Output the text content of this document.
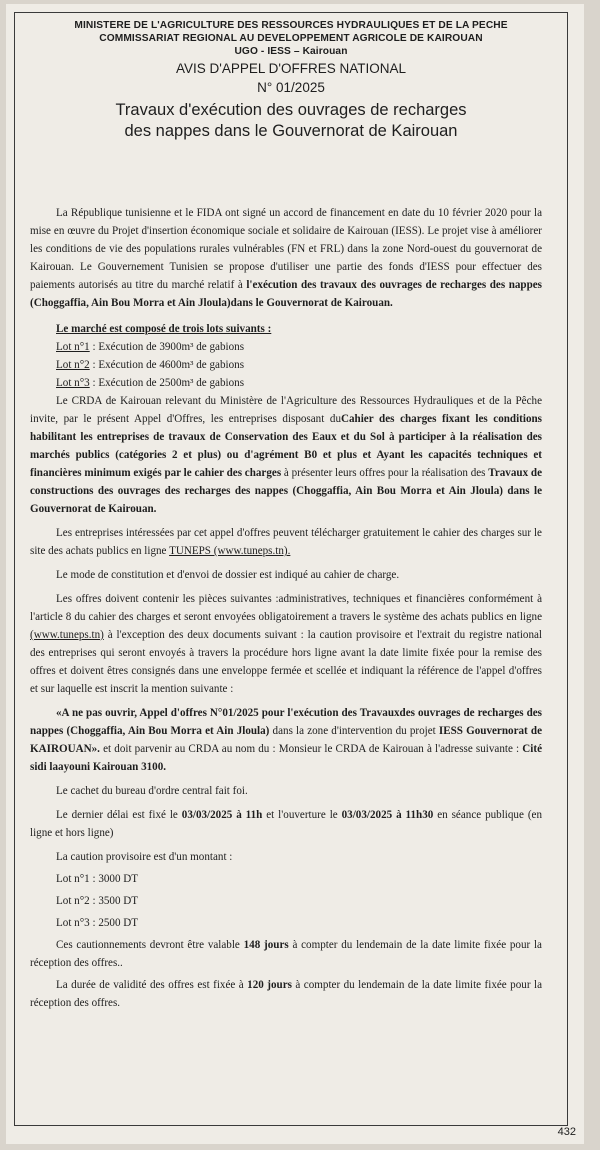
MINISTERE DE L'AGRICULTURE DES RESSOURCES HYDRAULIQUES ET DE LA PECHE
COMMISSARIAT REGIONAL AU DEVELOPPEMENT AGRICOLE DE KAIROUAN
UGO - IESS – Kairouan
AVIS D'APPEL D'OFFRES NATIONAL
N° 01/2025
Travaux d'exécution des ouvrages de recharges
des nappes dans le Gouvernorat de Kairouan

La République tunisienne et le FIDA ont signé un accord de financement en date du 10 février 2020 pour la mise en œuvre du Projet d'insertion économique sociale et solidaire de Kairouan (IESS). Le projet vise à améliorer les conditions de vie des populations rurales vulnérables (FN et FRL) dans la zone Nord-ouest du gouvernorat de Kairouan. Le Gouvernement Tunisien se propose d'utiliser une partie des fonds d'IESS pour effectuer des paiements autorisés au titre du marché relatif à l'exécution des travaux des ouvrages de recharges des nappes (Choggaffia, Ain Bou Morra et Ain Jloula)dans le Gouvernorat de Kairouan.

Le marché est composé de trois lots suivants :
Lot n°1 : Exécution de 3900m³ de gabions
Lot n°2 : Exécution de 4600m³ de gabions
Lot n°3 : Exécution de 2500m³ de gabions

Le CRDA de Kairouan relevant du Ministère de l'Agriculture des Ressources Hydrauliques et de la Pêche invite, par le présent Appel d'Offres, les entreprises disposant duCahier des charges fixant les conditions habilitant les entreprises de travaux de Conservation des Eaux et du Sol à participer à la réalisation des marchés publics (catégories 2 et plus) ou d'agrément B0 et plus et Ayant les capacités techniques et financières minimum exigés par le cahier des charges à présenter leurs offres pour la réalisation des Travaux de constructions des ouvrages des recharges des nappes (Choggaffia, Ain Bou Morra et Ain Jloula) dans le Gouvernorat de Kairouan.

Les entreprises intéressées par cet appel d'offres peuvent télécharger gratuitement le cahier des charges sur le site des achats publics en ligne TUNEPS (www.tuneps.tn).

Le mode de constitution et d'envoi de dossier est indiqué au cahier de charge.

Les offres doivent contenir les pièces suivantes :administratives, techniques et financières conformément à l'article 8 du cahier des charges et seront envoyées obligatoirement a travers le système des achats publics en ligne (www.tuneps.tn) à l'exception des deux documents suivant : la caution provisoire et l'extrait du registre national des entreprises qui seront envoyés à travers la procédure hors ligne avant la date limite fixée pour la remise des offres et doivent êtres consignés dans une enveloppe fermée et scellée et indiquant la référence de l'appel d'offres et sur laquelle est inscrit la mention suivante :

«A ne pas ouvrir, Appel d'offres N°01/2025 pour l'exécution des Travauxdes ouvrages de recharges des nappes (Choggaffia, Ain Bou Morra et Ain Jloula) dans la zone d'intervention du projet IESS Gouvernorat de KAIROUAN». et doit parvenir au CRDA au nom du : Monsieur le CRDA de Kairouan à l'adresse suivante : Cité sidi laayouni Kairouan 3100.

Le cachet du bureau d'ordre central fait foi.

Le dernier délai est fixé le 03/03/2025 à 11h et l'ouverture le 03/03/2025 à 11h30 en séance publique (en ligne et hors ligne)

La caution provisoire est d'un montant :

Lot n°1 : 3000 DT
Lot n°2 : 3500 DT
Lot n°3 : 2500 DT

Ces cautionnements devront être valable 148 jours à compter du lendemain de la date limite fixée pour la réception des offres..

La durée de validité des offres est fixée à 120 jours à compter du lendemain de la date limite fixée pour la réception des offres.

432
